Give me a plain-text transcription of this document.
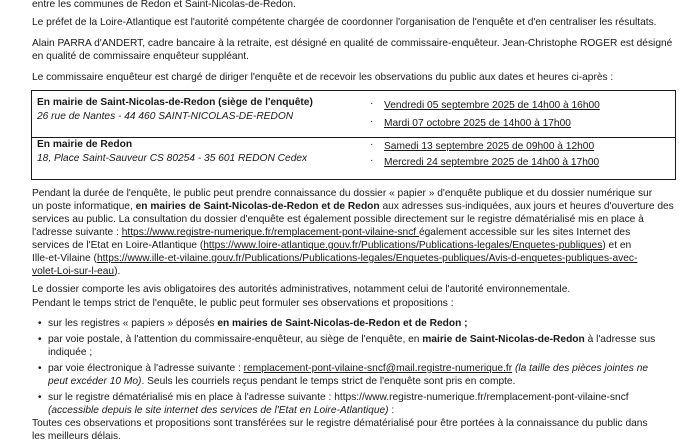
entre les communes de Redon et Saint-Nicolas-de-Redon.
Le préfet de la Loire-Atlantique est l'autorité compétente chargée de coordonner l'organisation de l'enquête et d'en centraliser les résultats.
Alain PARRA d'ANDERT, cadre bancaire à la retraite, est désigné en qualité de commissaire-enquêteur. Jean-Christophe ROGER est désigné
en qualité de commissaire enquêteur suppléant.
Le commissaire enquêteur est chargé de diriger l'enquête et de recevoir les observations du public aux dates et heures ci-après :
En mairie de Saint-Nicolas-de-Redon (siège de l'enquête)
26 rue de Nantes - 44 460 SAINT-NICOLAS-DE-REDON
· Vendredi 05 septembre 2025 de 14h00 à 16h00
· Mardi 07 octobre 2025 de 14h00 à 17h00
En mairie de Redon
18, Place Saint-Sauveur CS 80254 - 35 601 REDON Cedex
· Samedi 13 septembre 2025 de 09h00 à 12h00
· Mercredi 24 septembre 2025 de 14h00 à 17h00
Pendant la durée de l'enquête, le public peut prendre connaissance du dossier « papier » d'enquête publique et du dossier numérique sur
un poste informatique, en mairies de Saint-Nicolas-de-Redon et de Redon aux adresses sus-indiquées, aux jours et heures d'ouverture des
services au public. La consultation du dossier d'enquête est également possible directement sur le registre dématérialisé mis en place à
l'adresse suivante : https://www.registre-numerique.fr/remplacement-pont-vilaine-sncf également accessible sur les sites Internet des
services de l'État en Loire-Atlantique (https://www.loire-atlantique.gouv.fr/Publications/Publications-legales/Enquetes-publiques) et en
Ille-et-Vilaine (https://www.ille-et-vilaine.gouv.fr/Publications/Publications-legales/Enquetes-publiques/Avis-d-enquetes-publiques-avec-
volet-Loi-sur-l-eau).
Le dossier comporte les avis obligatoires des autorités administratives, notamment celui de l'autorité environnementale.
Pendant le temps strict de l'enquête, le public peut formuler ses observations et propositions :
• sur les registres « papiers » déposés en mairies de Saint-Nicolas-de-Redon et de Redon ;
• par voie postale, à l'attention du commissaire-enquêteur, au siège de l'enquête, en mairie de Saint-Nicolas-de-Redon à l'adresse sus
indiquée ;
• par voie électronique à l'adresse suivante : remplacement-pont-vilaine-sncf@mail.registre-numerique.fr (la taille des pièces jointes ne
peut excéder 10 Mo). Seuls les courriels reçus pendant le temps strict de l'enquête sont pris en compte.
• sur le registre dématérialisé mis en place à l'adresse suivante : https://www.registre-numerique.fr/remplacement-pont-vilaine-sncf
(accessible depuis le site internet des services de l'État en Loire-Atlantique) :
Toutes ces observations et propositions sont transférées sur le registre dématérialisé pour être portées à la connaissance du public dans
les meilleurs délais.
